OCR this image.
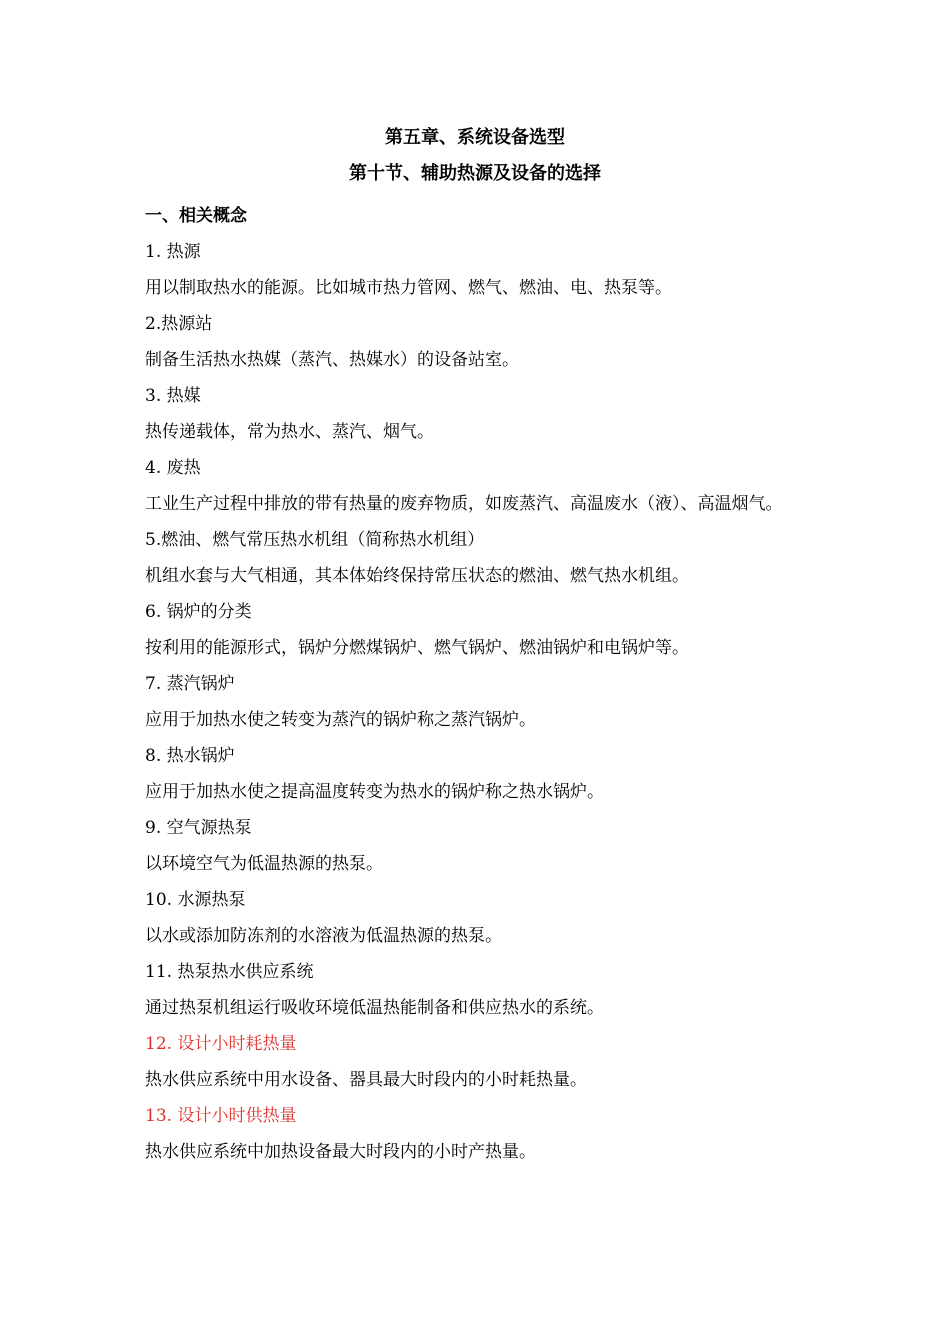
第五章、系统设备选型
第十节、辅助热源及设备的选择
一、相关概念
1. 热源
用以制取热水的能源。比如城市热力管网、燃气、燃油、电、热泵等。
2.热源站
制备生活热水热媒（蒸汽、热媒水）的设备站室。
3. 热媒
热传递载体，常为热水、蒸汽、烟气。
4. 废热
工业生产过程中排放的带有热量的废弃物质，如废蒸汽、高温废水（液）、高温烟气。
5.燃油、燃气常压热水机组（简称热水机组）
机组水套与大气相通，其本体始终保持常压状态的燃油、燃气热水机组。
6. 锅炉的分类
按利用的能源形式，锅炉分燃煤锅炉、燃气锅炉、燃油锅炉和电锅炉等。
7. 蒸汽锅炉
应用于加热水使之转变为蒸汽的锅炉称之蒸汽锅炉。
8. 热水锅炉
应用于加热水使之提高温度转变为热水的锅炉称之热水锅炉。
9. 空气源热泵
以环境空气为低温热源的热泵。
10. 水源热泵
以水或添加防冻剂的水溶液为低温热源的热泵。
11. 热泵热水供应系统
通过热泵机组运行吸收环境低温热能制备和供应热水的系统。
12. 设计小时耗热量
热水供应系统中用水设备、器具最大时段内的小时耗热量。
13. 设计小时供热量
热水供应系统中加热设备最大时段内的小时产热量。
